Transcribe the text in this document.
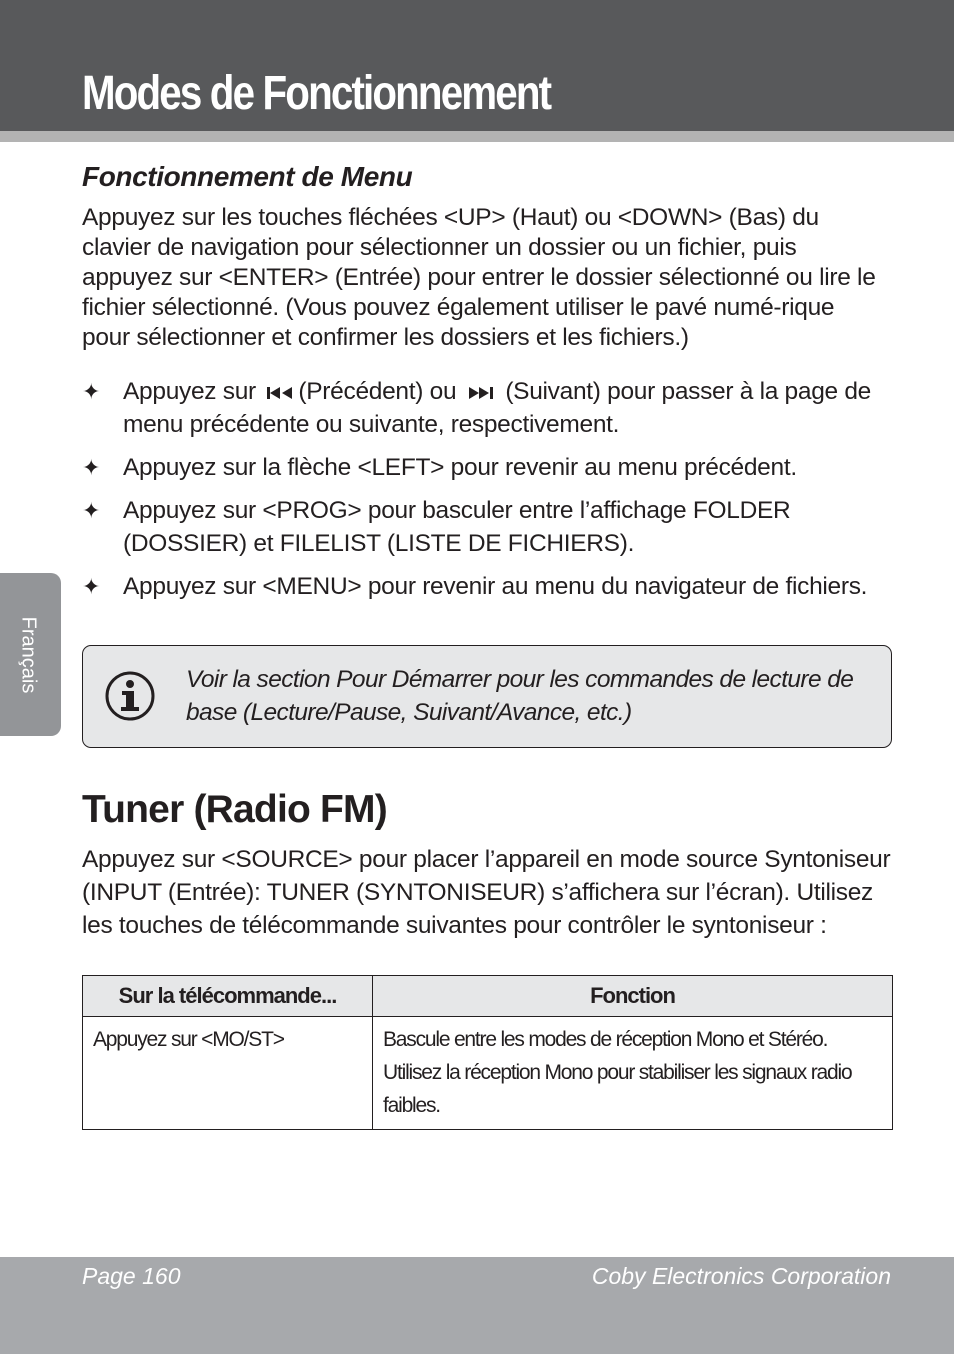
Modes de Fonctionnement
Français
Fonctionnement de Menu

Appuyez sur les touches fléchées <UP> (Haut) ou <DOWN> (Bas) du clavier de navigation pour sélectionner un dossier ou un fichier, puis appuyez sur <ENTER> (Entrée) pour entrer le dossier sélectionné ou lire le fichier sélectionné. (Vous pouvez également utiliser le pavé numé-rique pour sélectionner et confirmer les dossiers et les fichiers.)

✦ Appuyez sur (Précédent) ou (Suivant) pour passer à la page de menu précédente ou suivante, respectivement.
✦ Appuyez sur la flèche <LEFT> pour revenir au menu précédent.
✦ Appuyez sur <PROG> pour basculer entre l’affichage FOLDER (DOSSIER) et FILELIST (LISTE DE FICHIERS).
✦ Appuyez sur <MENU> pour revenir au menu du navigateur de fichiers.

Voir la section Pour Démarrer pour les commandes de lecture de base (Lecture/Pause, Suivant/Avance, etc.)

Tuner (Radio FM)

Appuyez sur <SOURCE> pour placer l’appareil en mode source Syntoniseur (INPUT (Entrée): TUNER (SYNTONISEUR) s’affichera sur l’écran). Utilisez les touches de télécommande suivantes pour contrôler le syntoniseur :

Sur la télécommande...	Fonction
Appuyez sur <MO/ST>	Bascule entre les modes de réception Mono et Stéréo. Utilisez la réception Mono pour stabiliser les signaux radio faibles.
Page 160	Coby Electronics Corporation
